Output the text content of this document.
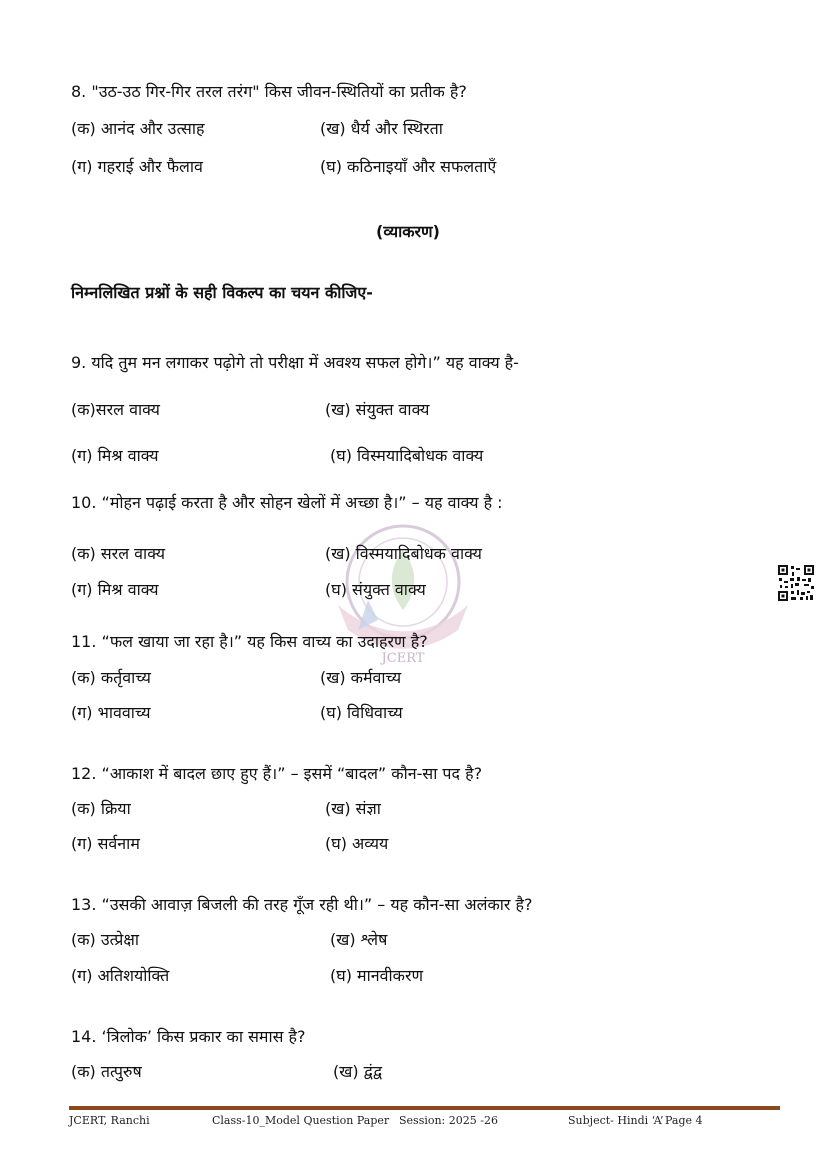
8. "उठ-उठ गिर-गिर तरल तरंग" किस जीवन-स्थितियों का प्रतीक है?
(क) आनंद और उत्साह	(ख) धैर्य और स्थिरता
(ग) गहराई और फैलाव	(घ) कठिनाइयाँ और सफलताएँ
(व्याकरण)
निम्नलिखित प्रश्नों के सही विकल्प का चयन कीजिए-
9. यदि तुम मन लगाकर पढ़ोगे तो परीक्षा में अवश्य सफल होगे।” यह वाक्य है-
(क)सरल वाक्य	(ख) संयुक्त वाक्य
(ग) मिश्र वाक्य	(घ) विस्मयादिबोधक वाक्य
JCERT
10. “मोहन पढ़ाई करता है और सोहन खेलों में अच्छा है।” – यह वाक्य है :
(क) सरल वाक्य	(ख) विस्मयादिबोधक वाक्य
(ग) मिश्र वाक्य	(घ) संयुक्त वाक्य
11. “फल खाया जा रहा है।” यह किस वाच्य का उदाहरण है?
(क) कर्तृवाच्य	(ख) कर्मवाच्य
(ग) भाववाच्य	(घ) विधिवाच्य
12. “आकाश में बादल छाए हुए हैं।” – इसमें “बादल” कौन-सा पद है?
(क) क्रिया	(ख) संज्ञा
(ग) सर्वनाम	(घ) अव्यय
13. “उसकी आवाज़ बिजली की तरह गूँज रही थी।” – यह कौन-सा अलंकार है?
(क) उत्प्रेक्षा	(ख) श्लेष
(ग) अतिशयोक्ति	(घ) मानवीकरण
14. ‘त्रिलोक’ किस प्रकार का समास है?
(क) तत्पुरुष	(ख) द्वंद्व
JCERT, Ranchi	Class-10_Model Question Paper Session: 2025 -26	Subject- Hindi ‘A’ Page 4
